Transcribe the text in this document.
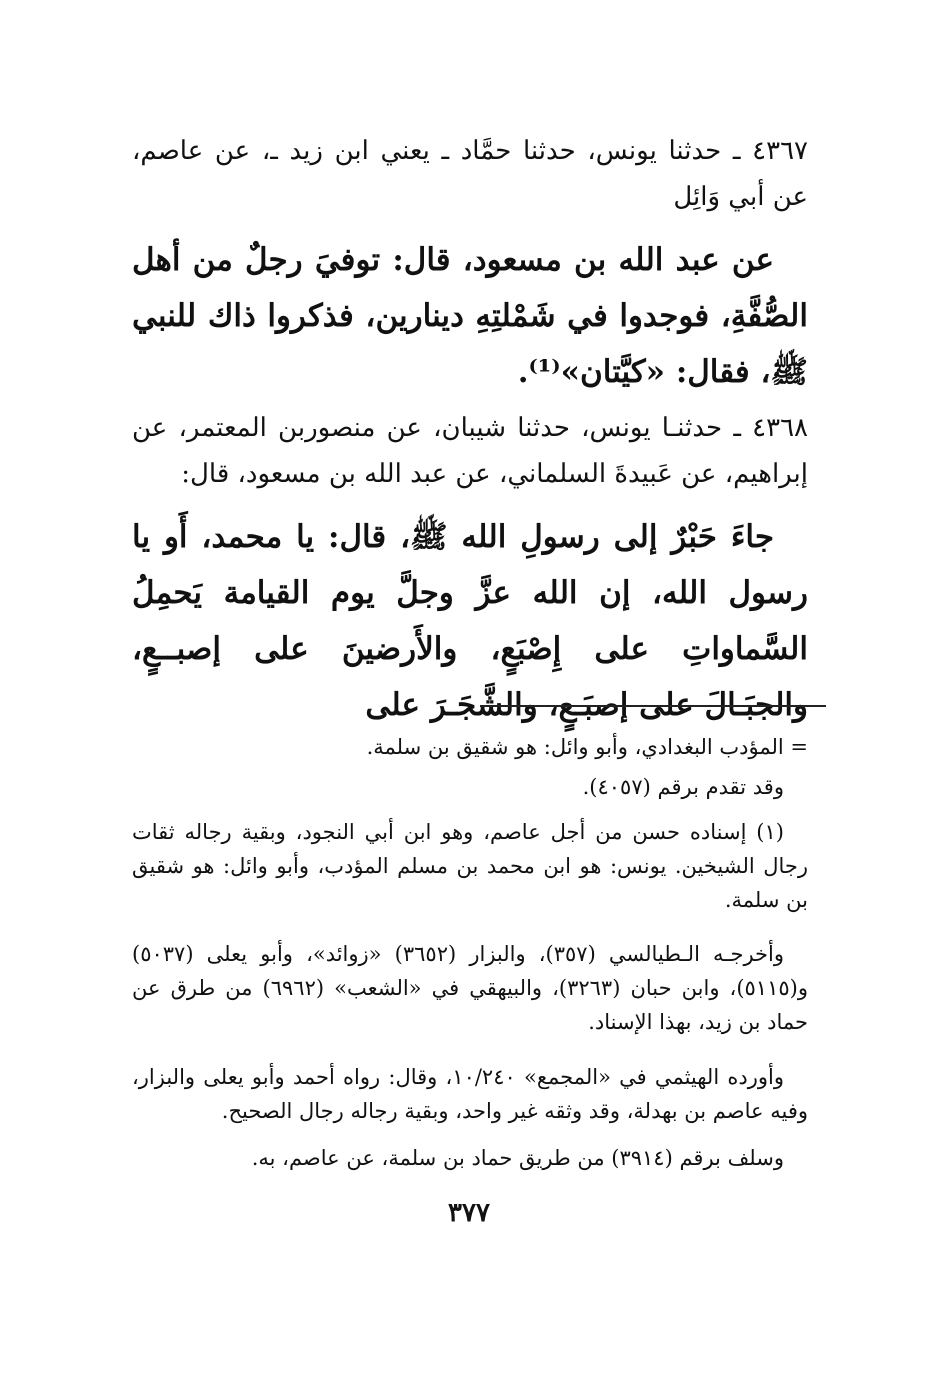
٤٣٦٧ ـ حدثنا يونس، حدثنا حمَّاد ـ يعني ابن زيد ـ، عن عاصم، عن أبي وَائِل

عن عبد الله بن مسعود، قال: توفيَ رجلٌ من أهل الصُّفَّةِ، فوجدوا في شَمْلتِهِ دينارين، فذكروا ذاك للنبي ﷺ، فقال: «كيَّتان»⁽¹⁾.

٤٣٦٨ ـ حدثنـا يونس، حدثنا شيبان، عن منصوربن المعتمر، عن إبراهيم، عن عَبيدةَ السلماني، عن عبد الله بن مسعود، قال:

جاءَ حَبْرٌ إلى رسولِ الله ﷺ، قال: يا محمد، أَو يا رسول الله، إن الله عزَّ وجلَّ يوم القيامة يَحمِلُ السَّماواتِ على إِصْبَعٍ، والأَرضينَ على إصبــعٍ، والجبَـالَ على إصبَـعٍ، والشَّجَـرَ على

= المؤدب البغدادي، وأبو وائل: هو شقيق بن سلمة.

وقد تقدم برقم (٤٠٥٧).

(١) إسناده حسن من أجل عاصم، وهو ابن أبي النجود، وبقية رجاله ثقات رجال الشيخين. يونس: هو ابن محمد بن مسلم المؤدب، وأبو وائل: هو شقيق بن سلمة.

وأخرجـه الـطيالسي (٣٥٧)، والبزار (٣٦٥٢) «زوائد»، وأبو يعلى (٥٠٣٧) و(٥١١٥)، وابن حبان (٣٢٦٣)، والبيهقي في «الشعب» (٦٩٦٢) من طرق عن حماد بن زيد، بهذا الإسناد.

وأورده الهيثمي في «المجمع» ١٠/٢٤٠، وقال: رواه أحمد وأبو يعلى والبزار، وفيه عاصم بن بهدلة، وقد وثقه غير واحد، وبقية رجاله رجال الصحيح.

وسلف برقم (٣٩١٤) من طريق حماد بن سلمة، عن عاصم، به.

٣٧٧
